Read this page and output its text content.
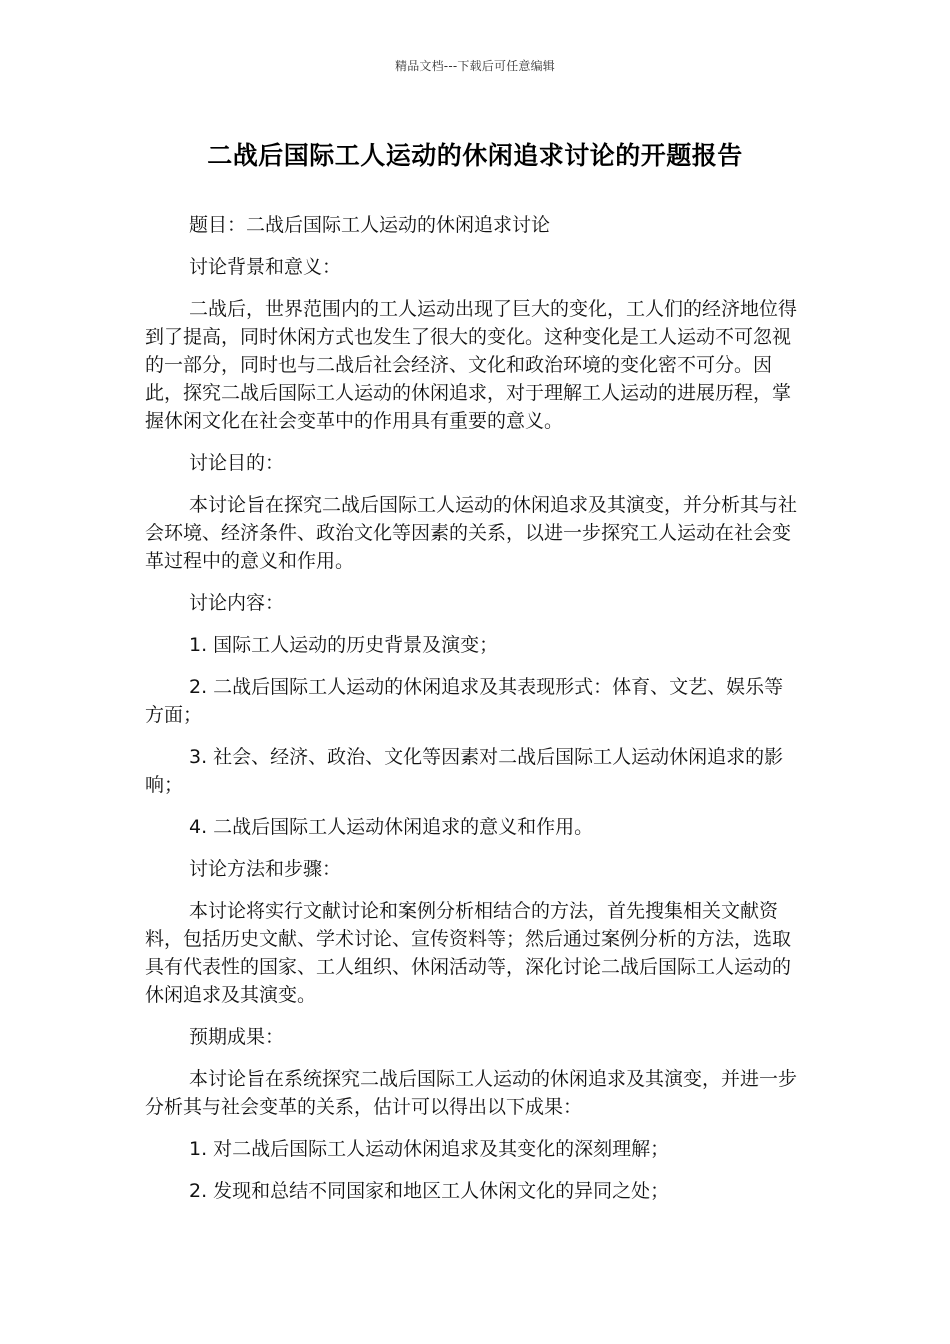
精品文档---下载后可任意编辑
二战后国际工人运动的休闲追求讨论的开题报告

题目：二战后国际工人运动的休闲追求讨论

讨论背景和意义：

二战后，世界范围内的工人运动出现了巨大的变化，工人们的经济地位得到了提高，同时休闲方式也发生了很大的变化。这种变化是工人运动不可忽视的一部分，同时也与二战后社会经济、文化和政治环境的变化密不可分。因此，探究二战后国际工人运动的休闲追求，对于理解工人运动的进展历程，掌握休闲文化在社会变革中的作用具有重要的意义。

讨论目的：

本讨论旨在探究二战后国际工人运动的休闲追求及其演变，并分析其与社会环境、经济条件、政治文化等因素的关系，以进一步探究工人运动在社会变革过程中的意义和作用。

讨论内容：

1. 国际工人运动的历史背景及演变；

2. 二战后国际工人运动的休闲追求及其表现形式：体育、文艺、娱乐等方面；

3. 社会、经济、政治、文化等因素对二战后国际工人运动休闲追求的影响；

4. 二战后国际工人运动休闲追求的意义和作用。

讨论方法和步骤：

本讨论将实行文献讨论和案例分析相结合的方法，首先搜集相关文献资料，包括历史文献、学术讨论、宣传资料等；然后通过案例分析的方法，选取具有代表性的国家、工人组织、休闲活动等，深化讨论二战后国际工人运动的休闲追求及其演变。

预期成果：

本讨论旨在系统探究二战后国际工人运动的休闲追求及其演变，并进一步分析其与社会变革的关系，估计可以得出以下成果：

1. 对二战后国际工人运动休闲追求及其变化的深刻理解；

2. 发现和总结不同国家和地区工人休闲文化的异同之处；
